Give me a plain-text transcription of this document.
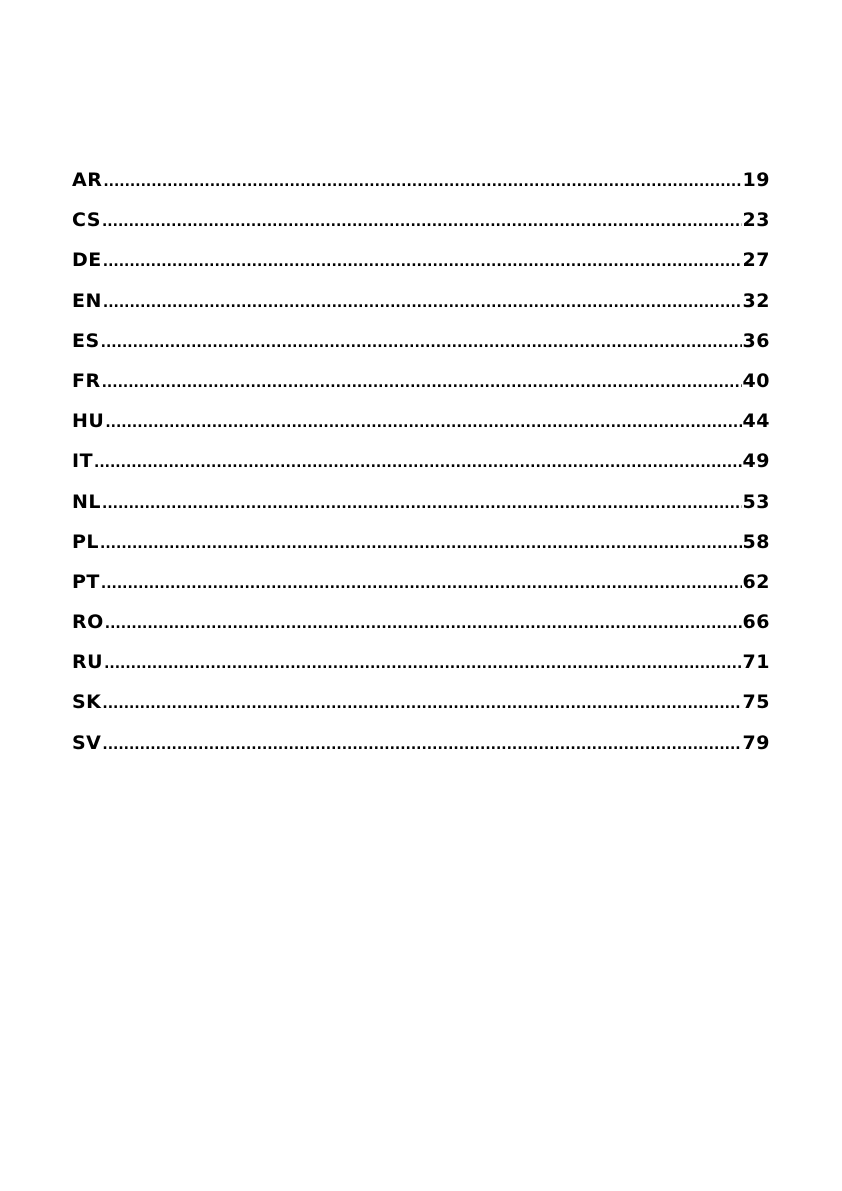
AR .....	19
CS .....	23
DE .....	27
EN .....	32
ES .....	36
FR .....	40
HU .....	44
IT .....	49
NL .....	53
PL .....	58
PT .....	62
RO .....	66
RU .....	71
SK .....	75
SV .....	79
